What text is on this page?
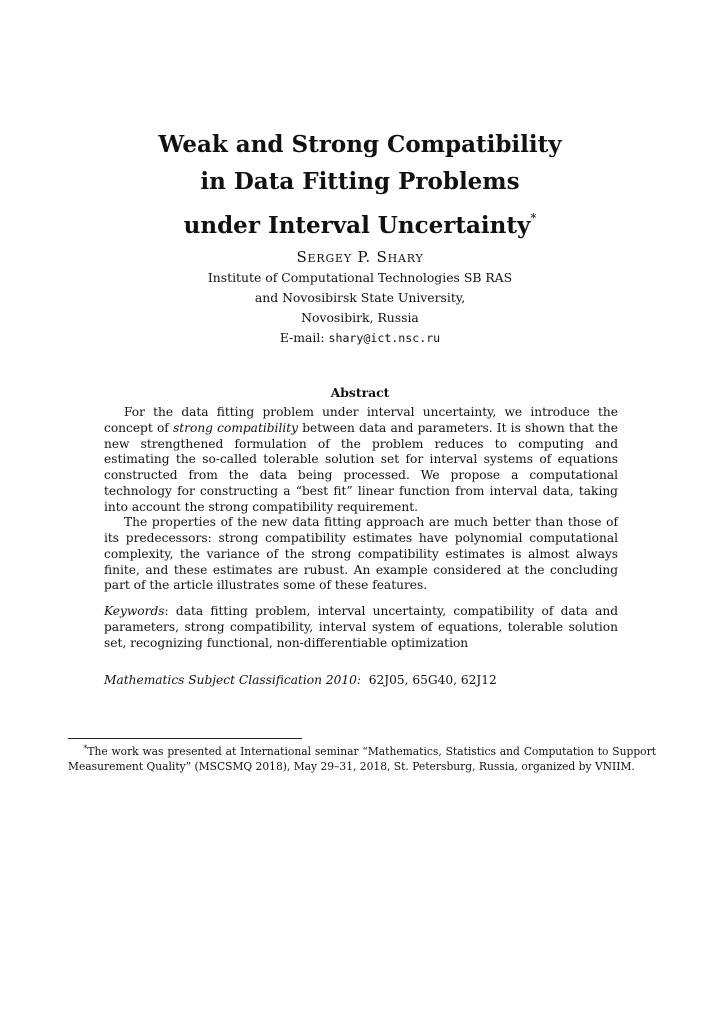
Weak and Strong Compatibility
in Data Fitting Problems
under Interval Uncertainty*
Sergey P. Shary
Institute of Computational Technologies SB RAS
and Novosibirsk State University,
Novosibirk, Russia
E-mail: shary@ict.nsc.ru
Abstract

For the data fitting problem under interval uncertainty, we introduce the concept of strong compatibility between data and parameters. It is shown that the new strengthened formulation of the problem reduces to computing and estimating the so-called tolerable solution set for interval systems of equations constructed from the data being processed. We propose a computational technology for constructing a “best fit” linear function from interval data, taking into account the strong compatibility requirement.

The properties of the new data fitting approach are much better than those of its predecessors: strong compatibility estimates have polynomial computational complexity, the variance of the strong compatibility estimates is almost always finite, and these estimates are rubust. An example considered at the concluding part of the article illustrates some of these features.

Keywords: data fitting problem, interval uncertainty, compatibility of data and parameters, strong compatibility, interval system of equations, tolerable solution set, recognizing functional, non-differentiable optimization
Mathematics Subject Classification 2010: 62J05, 65G40, 62J12
*The work was presented at International seminar “Mathematics, Statistics and Computation to Support Measurement Quality” (MSCSMQ 2018), May 29–31, 2018, St. Petersburg, Russia, organized by VNIIM.
